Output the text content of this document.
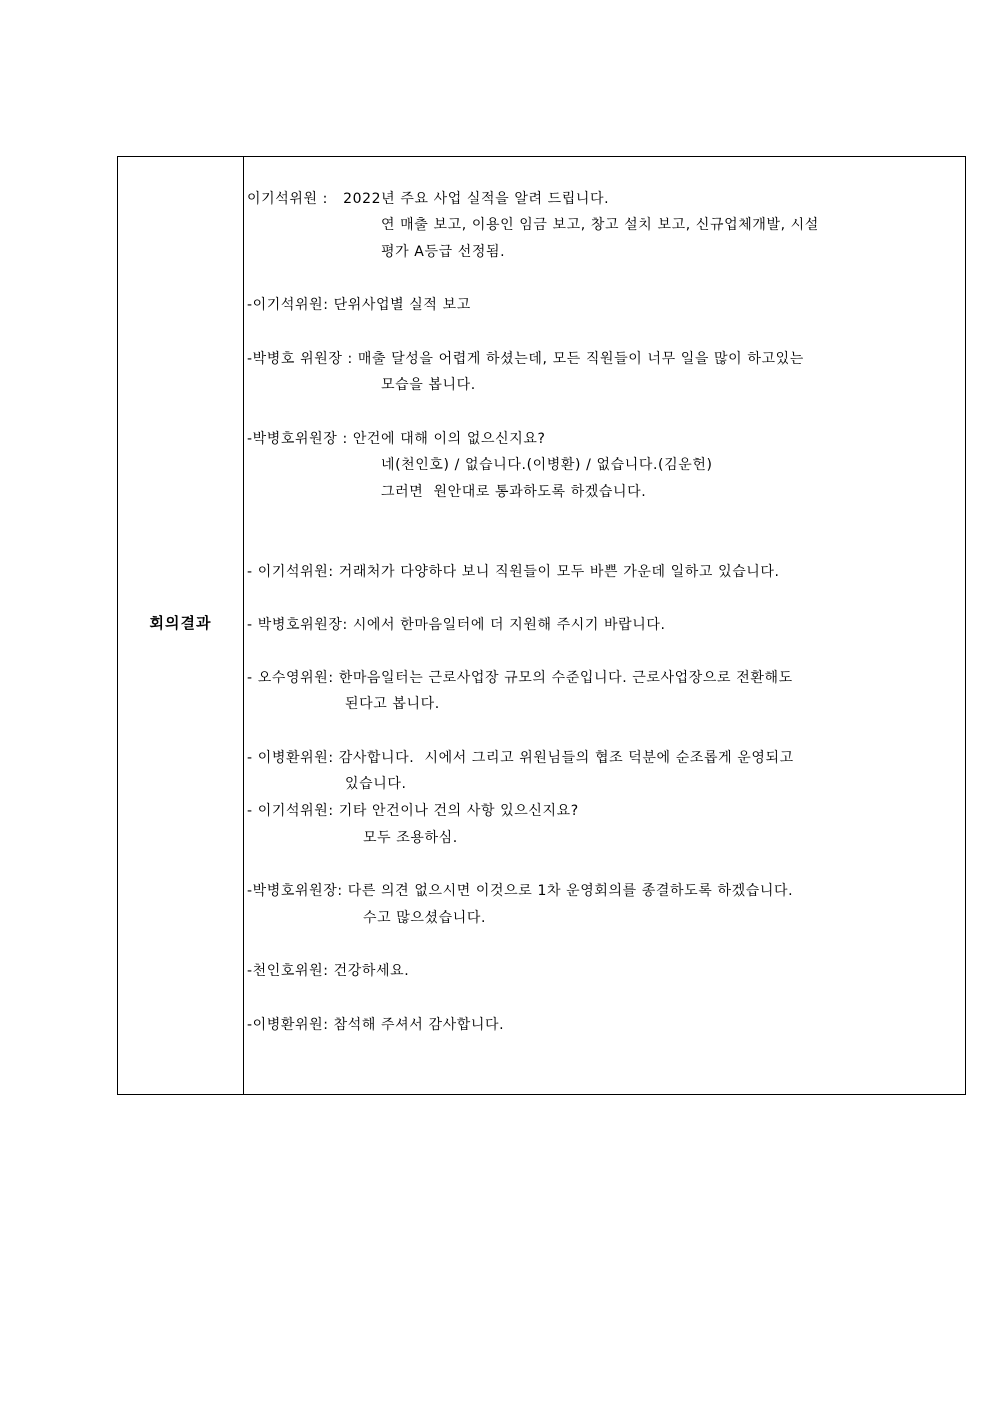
회의결과
이기석위원 :   2022년 주요 사업 실적을 알려 드립니다.
연 매출 보고, 이용인 임금 보고, 창고 설치 보고, 신규업체개발, 시설
평가 A등급 선정됨.
-이기석위원: 단위사업별 실적 보고
-박병호 위원장 : 매출 달성을 어렵게 하셨는데, 모든 직원들이 너무 일을 많이 하고있는
모습을 봅니다.
-박병호위원장 : 안건에 대해 이의 없으신지요?
네(천인호) / 없습니다.(이병환) / 없습니다.(김운헌)
그러면  원안대로 통과하도록 하겠습니다.
- 이기석위원: 거래처가 다양하다 보니 직원들이 모두 바쁜 가운데 일하고 있습니다.
- 박병호위원장: 시에서 한마음일터에 더 지원해 주시기 바랍니다.
- 오수영위원: 한마음일터는 근로사업장 규모의 수준입니다. 근로사업장으로 전환해도
된다고 봅니다.
- 이병환위원: 감사합니다.  시에서 그리고 위원님들의 협조 덕분에 순조롭게 운영되고
있습니다.
- 이기석위원: 기타 안건이나 건의 사항 있으신지요?
모두 조용하심.
-박병호위원장: 다른 의견 없으시면 이것으로 1차 운영회의를 종결하도록 하겠습니다.
수고 많으셨습니다.
-천인호위원: 건강하세요.
-이병환위원: 참석해 주셔서 감사합니다.
